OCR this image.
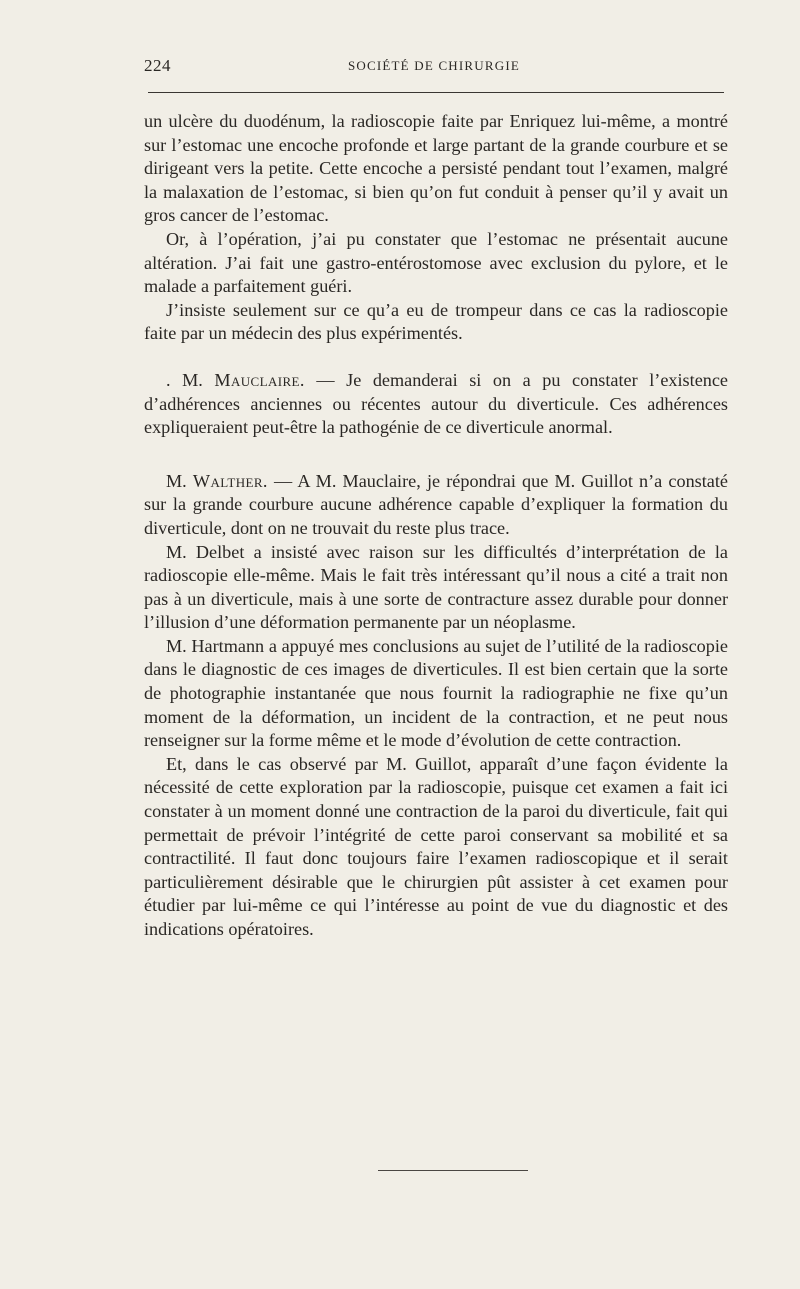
224	SOCIÉTÉ DE CHIRURGIE

un ulcère du duodénum, la radioscopie faite par Enriquez lui-même, a montré sur l’estomac une encoche profonde et large partant de la grande courbure et se dirigeant vers la petite. Cette encoche a persisté pendant tout l’examen, malgré la malaxation de l’estomac, si bien qu’on fut conduit à penser qu’il y avait un gros cancer de l’estomac.

Or, à l’opération, j’ai pu constater que l’estomac ne présentait aucune altération. J’ai fait une gastro-entérostomose avec exclusion du pylore, et le malade a parfaitement guéri.

J’insiste seulement sur ce qu’a eu de trompeur dans ce cas la radioscopie faite par un médecin des plus expérimentés.

. M. Mauclaire. — Je demanderai si on a pu constater l’existence d’adhérences anciennes ou récentes autour du diverticule. Ces adhérences expliqueraient peut-être la pathogénie de ce diverticule anormal.

M. Walther. — A M. Mauclaire, je répondrai que M. Guillot n’a constaté sur la grande courbure aucune adhérence capable d’expliquer la formation du diverticule, dont on ne trouvait du reste plus trace.

M. Delbet a insisté avec raison sur les difficultés d’interprétation de la radioscopie elle-même. Mais le fait très intéressant qu’il nous a cité a trait non pas à un diverticule, mais à une sorte de contracture assez durable pour donner l’illusion d’une déformation permanente par un néoplasme.

M. Hartmann a appuyé mes conclusions au sujet de l’utilité de la radioscopie dans le diagnostic de ces images de diverticules. Il est bien certain que la sorte de photographie instantanée que nous fournit la radiographie ne fixe qu’un moment de la déformation, un incident de la contraction, et ne peut nous renseigner sur la forme même et le mode d’évolution de cette contraction.

Et, dans le cas observé par M. Guillot, apparaît d’une façon évidente la nécessité de cette exploration par la radioscopie, puisque cet examen a fait ici constater à un moment donné une contraction de la paroi du diverticule, fait qui permettait de prévoir l’intégrité de cette paroi conservant sa mobilité et sa contractilité. Il faut donc toujours faire l’examen radioscopique et il serait particulièrement désirable que le chirurgien pût assister à cet examen pour étudier par lui-même ce qui l’intéresse au point de vue du diagnostic et des indications opératoires.
